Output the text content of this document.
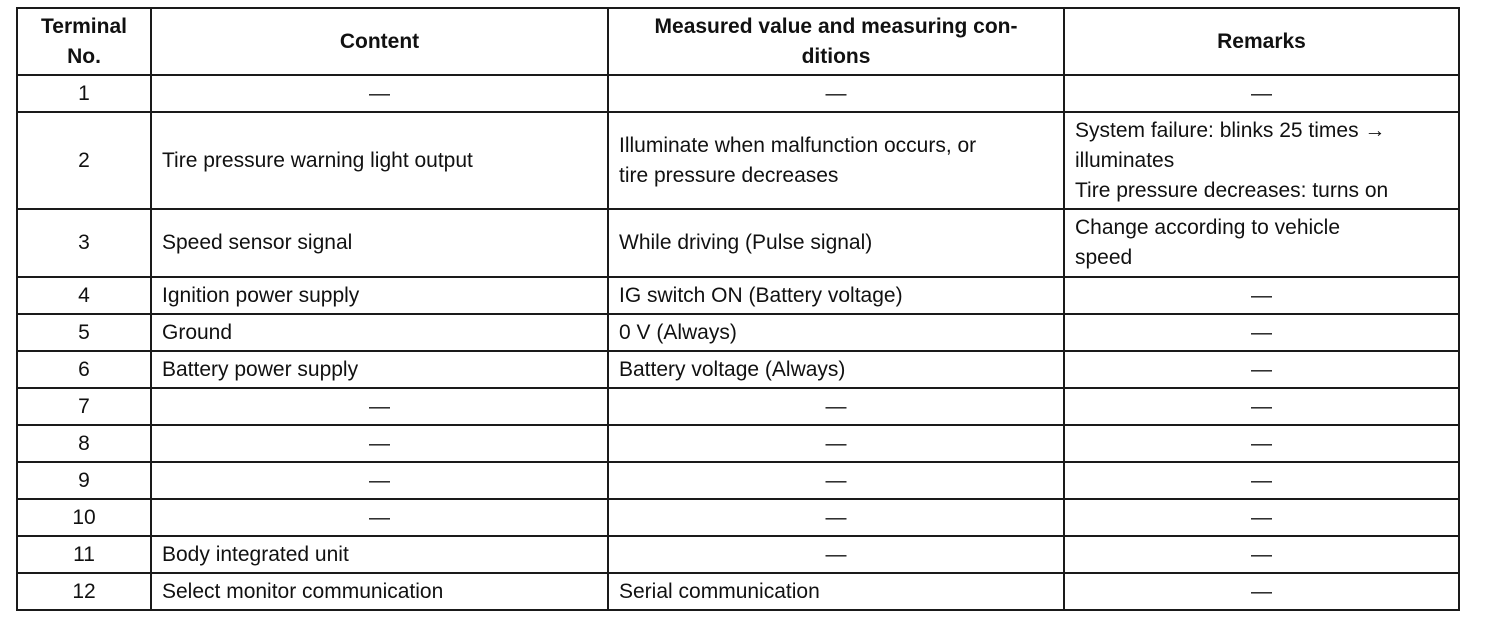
Terminal
No.	Content	Measured value and measuring con-
ditions	Remarks
1	—	—	—
2	Tire pressure warning light output	Illuminate when malfunction occurs, or
tire pressure decreases	System failure: blinks 25 times →
illuminates
Tire pressure decreases: turns on

3	Speed sensor signal	While driving (Pulse signal)	Change according to vehicle
speed

4	Ignition power supply	IG switch ON (Battery voltage)	—
5	Ground	0 V (Always)	—
6	Battery power supply	Battery voltage (Always)	—
7	—	—	—
8	—	—	—
9	—	—	—
10	—	—	—
11	Body integrated unit	—	—
12	Select monitor communication	Serial communication	—
